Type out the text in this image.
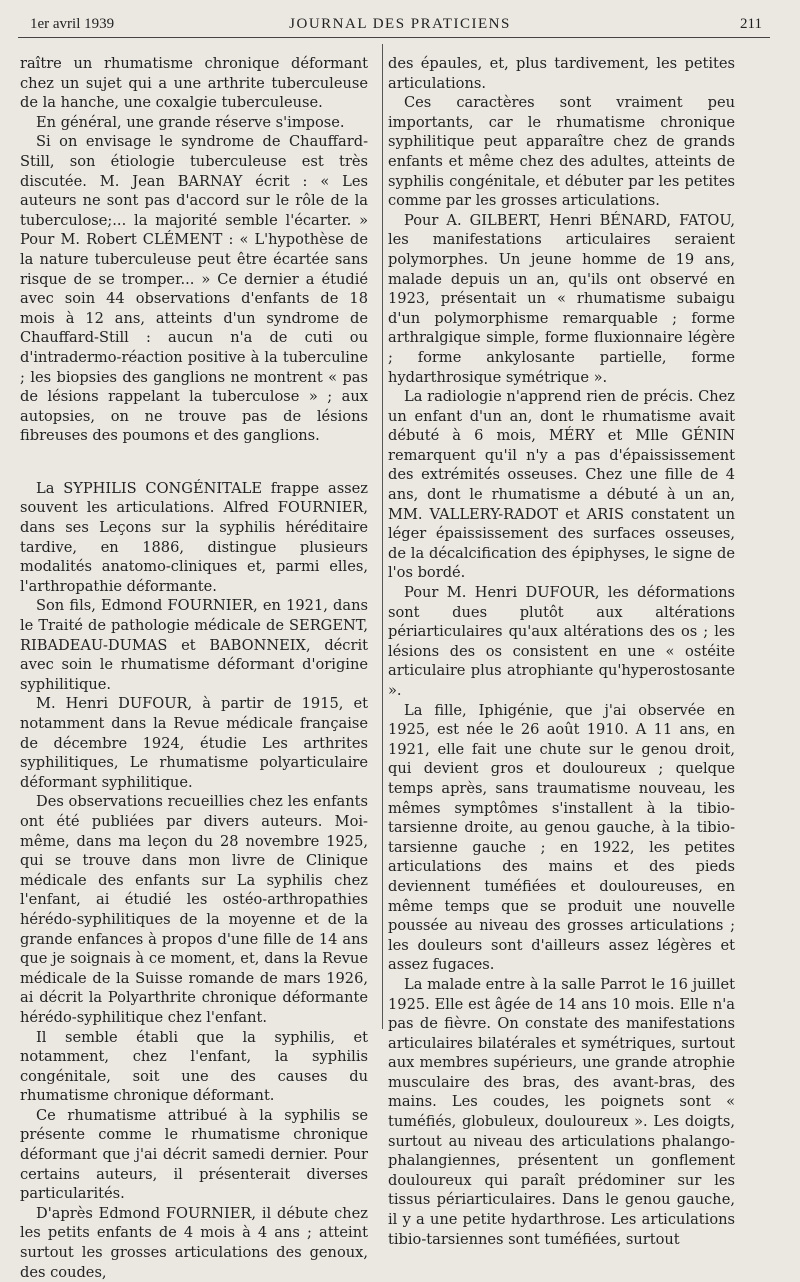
1er avril 1939	JOURNAL DES PRATICIENS	211

raître un rhumatisme chronique déformant chez un sujet qui a une arthrite tuberculeuse de la hanche, une coxalgie tuberculeuse.

En général, une grande réserve s'impose.

Si on envisage le syndrome de Chauffard-Still, son étiologie tuberculeuse est très discutée. M. Jean BARNAY écrit : « Les auteurs ne sont pas d'accord sur le rôle de la tuberculose;... la majorité semble l'écarter. » Pour M. Robert CLÉMENT : « L'hypothèse de la nature tuberculeuse peut être écartée sans risque de se tromper... » Ce dernier a étudié avec soin 44 observations d'enfants de 18 mois à 12 ans, atteints d'un syndrome de Chauffard-Still : aucun n'a de cuti ou d'intradermo-réaction positive à la tuberculine ; les biopsies des ganglions ne montrent « pas de lésions rappelant la tuberculose » ; aux autopsies, on ne trouve pas de lésions fibreuses des poumons et des ganglions.

La SYPHILIS CONGÉNITALE frappe assez souvent les articulations. Alfred FOURNIER, dans ses Leçons sur la syphilis héréditaire tardive, en 1886, distingue plusieurs modalités anatomo-cliniques et, parmi elles, l'arthropathie déformante.

Son fils, Edmond FOURNIER, en 1921, dans le Traité de pathologie médicale de SERGENT, RIBADEAU-DUMAS et BABONNEIX, décrit avec soin le rhumatisme déformant d'origine syphilitique.

M. Henri DUFOUR, à partir de 1915, et notamment dans la Revue médicale française de décembre 1924, étudie Les arthrites syphilitiques, Le rhumatisme polyarticulaire déformant syphilitique.

Des observations recueillies chez les enfants ont été publiées par divers auteurs. Moi-même, dans ma leçon du 28 novembre 1925, qui se trouve dans mon livre de Clinique médicale des enfants sur La syphilis chez l'enfant, ai étudié les ostéo-arthropathies hérédo-syphilitiques de la moyenne et de la grande enfances à propos d'une fille de 14 ans que je soignais à ce moment, et, dans la Revue médicale de la Suisse romande de mars 1926, ai décrit la Polyarthrite chronique déformante hérédo-syphilitique chez l'enfant.

Il semble établi que la syphilis, et notamment, chez l'enfant, la syphilis congénitale, soit une des causes du rhumatisme chronique déformant.

Ce rhumatisme attribué à la syphilis se présente comme le rhumatisme chronique déformant que j'ai décrit samedi dernier. Pour certains auteurs, il présenterait diverses particularités.

D'après Edmond FOURNIER, il débute chez les petits enfants de 4 mois à 4 ans ; atteint surtout les grosses articulations des genoux, des coudes,

des épaules, et, plus tardivement, les petites articulations.

Ces caractères sont vraiment peu importants, car le rhumatisme chronique syphilitique peut apparaître chez de grands enfants et même chez des adultes, atteints de syphilis congénitale, et débuter par les petites comme par les grosses articulations.

Pour A. GILBERT, Henri BÉNARD, FATOU, les manifestations articulaires seraient polymorphes. Un jeune homme de 19 ans, malade depuis un an, qu'ils ont observé en 1923, présentait un « rhumatisme subaigu d'un polymorphisme remarquable ; forme arthralgique simple, forme fluxionnaire légère ; forme ankylosante partielle, forme hydarthrosique symétrique ».

La radiologie n'apprend rien de précis. Chez un enfant d'un an, dont le rhumatisme avait débuté à 6 mois, MÉRY et Mlle GÉNIN remarquent qu'il n'y a pas d'épaississement des extrémités osseuses. Chez une fille de 4 ans, dont le rhumatisme a débuté à un an, MM. VALLERY-RADOT et ARIS constatent un léger épaississement des surfaces osseuses, de la décalcification des épiphyses, le signe de l'os bordé.

Pour M. Henri DUFOUR, les déformations sont dues plutôt aux altérations périarticulaires qu'aux altérations des os ; les lésions des os consistent en une « ostéite articulaire plus atrophiante qu'hyperostosante ».

La fille, Iphigénie, que j'ai observée en 1925, est née le 26 août 1910. A 11 ans, en 1921, elle fait une chute sur le genou droit, qui devient gros et douloureux ; quelque temps après, sans traumatisme nouveau, les mêmes symptômes s'installent à la tibio-tarsienne droite, au genou gauche, à la tibio-tarsienne gauche ; en 1922, les petites articulations des mains et des pieds deviennent tuméfiées et douloureuses, en même temps que se produit une nouvelle poussée au niveau des grosses articulations ; les douleurs sont d'ailleurs assez légères et assez fugaces.

La malade entre à la salle Parrot le 16 juillet 1925. Elle est âgée de 14 ans 10 mois. Elle n'a pas de fièvre. On constate des manifestations articulaires bilatérales et symétriques, surtout aux membres supérieurs, une grande atrophie musculaire des bras, des avant-bras, des mains. Les coudes, les poignets sont « tuméfiés, globuleux, douloureux ». Les doigts, surtout au niveau des articulations phalango-phalangiennes, présentent un gonflement douloureux qui paraît prédominer sur les tissus périarticulaires. Dans le genou gauche, il y a une petite hydarthrose. Les articulations tibio-tarsiennes sont tuméfiées, surtout
